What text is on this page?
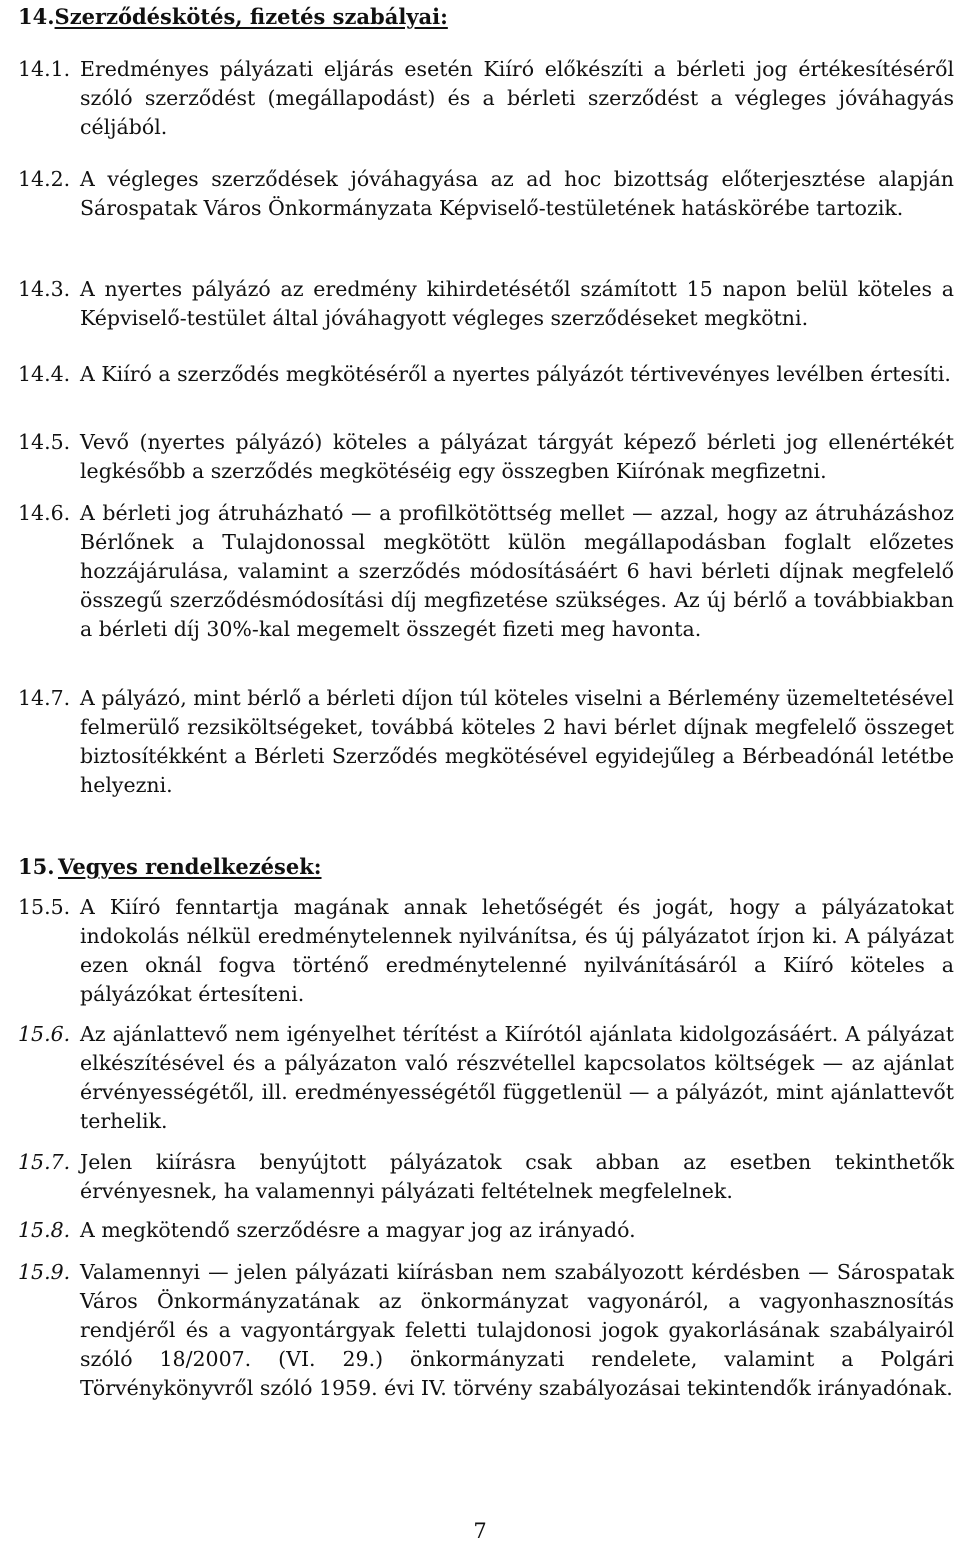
14.Szerződéskötés, fizetés szabályai:
14.1. Eredményes pályázati eljárás esetén Kiíró előkészíti a bérleti jog értékesítéséről szóló szerződést (megállapodást) és a bérleti szerződést a végleges jóváhagyás céljából.
14.2. A végleges szerződések jóváhagyása az ad hoc bizottság előterjesztése alapján Sárospatak Város Önkormányzata Képviselő-testületének hatáskörébe tartozik.
14.3. A nyertes pályázó az eredmény kihirdetésétől számított 15 napon belül köteles a Képviselő-testület által jóváhagyott végleges szerződéseket megkötni.
14.4. A Kiíró a szerződés megkötéséről a nyertes pályázót tértivevényes levélben értesíti.
14.5. Vevő (nyertes pályázó) köteles a pályázat tárgyát képező bérleti jog ellenértékét legkésőbb a szerződés megkötéséig egy összegben Kiírónak megfizetni.
14.6. A bérleti jog átruházható — a profilkötöttség mellet — azzal, hogy az átruházáshoz Bérlőnek a Tulajdonossal megkötött külön megállapodásban foglalt előzetes hozzájárulása, valamint a szerződés módosításáért 6 havi bérleti díjnak megfelelő összegű szerződésmódosítási díj megfizetése szükséges. Az új bérlő a továbbiakban a bérleti díj 30%-kal megemelt összegét fizeti meg havonta.
14.7. A pályázó, mint bérlő a bérleti díjon túl köteles viselni a Bérlemény üzemeltetésével felmerülő rezsiköltségeket, továbbá köteles 2 havi bérlet díjnak megfelelő összeget biztosítékként a Bérleti Szerződés megkötésével egyidejűleg a Bérbeadónál letétbe helyezni.
15. Vegyes rendelkezések:
15.5. A Kiíró fenntartja magának annak lehetőségét és jogát, hogy a pályázatokat indokolás nélkül eredménytelennek nyilvánítsa, és új pályázatot írjon ki. A pályázat ezen oknál fogva történő eredménytelenné nyilvánításáról a Kiíró köteles a pályázókat értesíteni.
15.6. Az ajánlattevő nem igényelhet térítést a Kiírótól ajánlata kidolgozásáért. A pályázat elkészítésével és a pályázaton való részvétellel kapcsolatos költségek — az ajánlat érvényességétől, ill. eredményességétől függetlenül — a pályázót, mint ajánlattevőt terhelik.
15.7. Jelen kiírásra benyújtott pályázatok csak abban az esetben tekinthetők érvényesnek, ha valamennyi pályázati feltételnek megfelelnek.
15.8. A megkötendő szerződésre a magyar jog az irányadó.
15.9. Valamennyi — jelen pályázati kiírásban nem szabályozott kérdésben — Sárospatak Város Önkormányzatának az önkormányzat vagyonáról, a vagyonhasznosítás rendjéről és a vagyontárgyak feletti tulajdonosi jogok gyakorlásának szabályairól szóló 18/2007. (VI. 29.) önkormányzati rendelete, valamint a Polgári Törvénykönyvről szóló 1959. évi IV. törvény szabályozásai tekintendők irányadónak.
7
